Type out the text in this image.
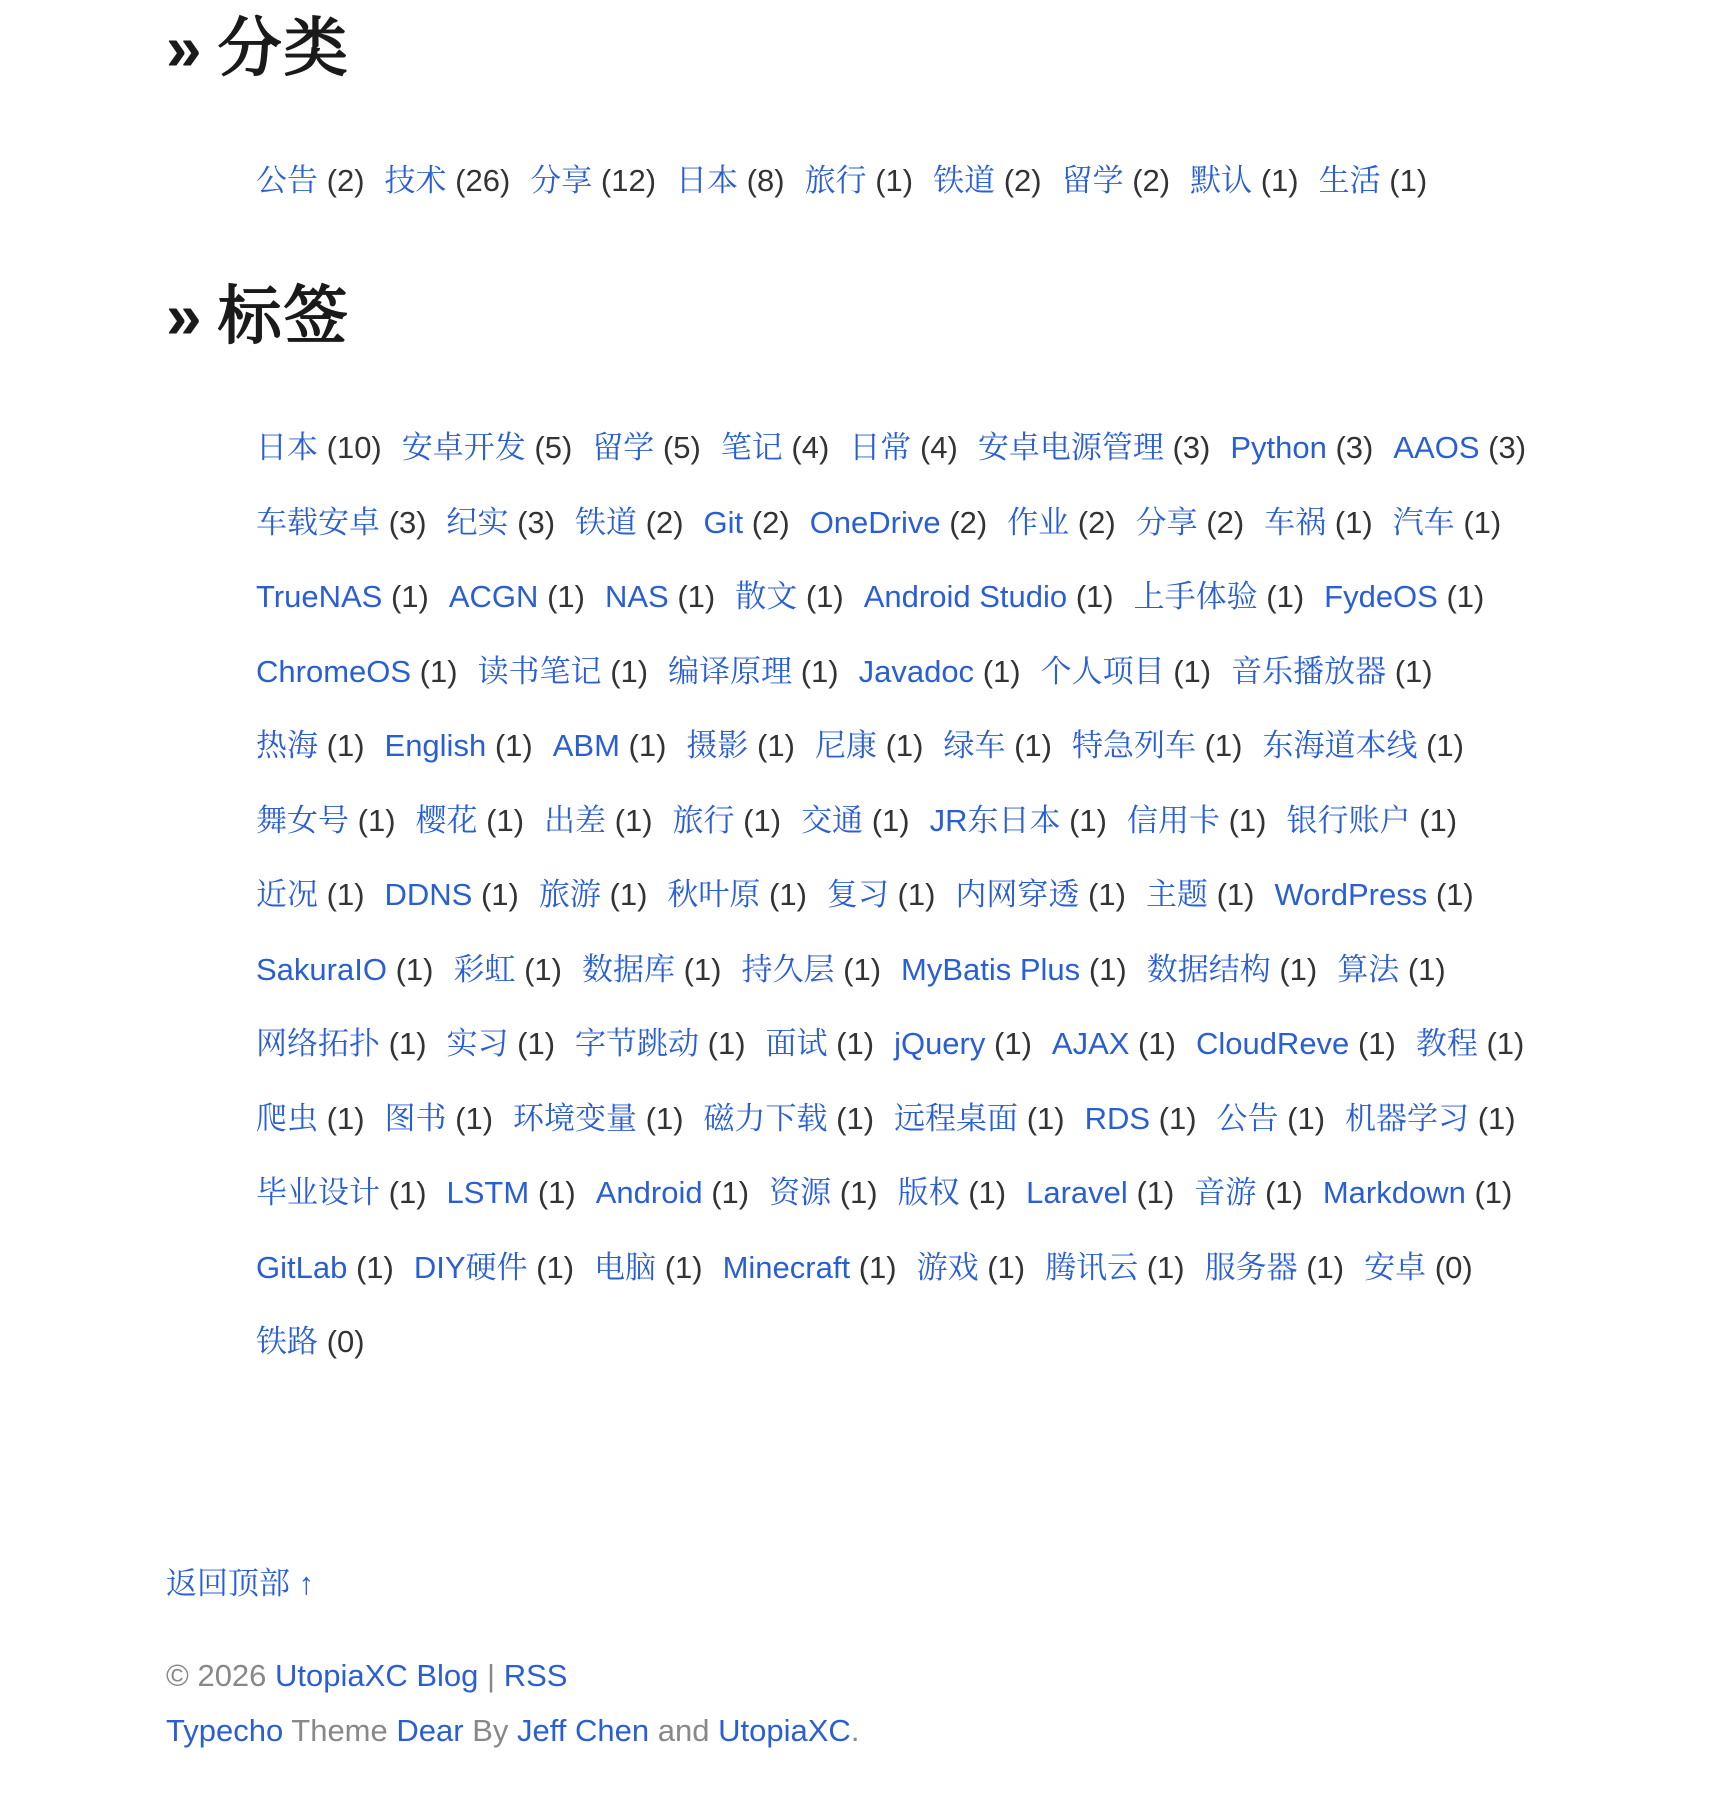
» 分类
公告 (2) 技术 (26) 分享 (12) 日本 (8) 旅行 (1) 铁道 (2) 留学 (2) 默认 (1) 生活 (1)
» 标签
日本 (10) 安卓开发 (5) 留学 (5) 笔记 (4) 日常 (4) 安卓电源管理 (3) Python (3) AAOS (3)车载安卓 (3) 纪实 (3) 铁道 (2) Git (2) OneDrive (2) 作业 (2) 分享 (2) 车祸 (1) 汽车 (1)TrueNAS (1) ACGN (1) NAS (1) 散文 (1) Android Studio (1) 上手体验 (1) FydeOS (1)ChromeOS (1) 读书笔记 (1) 编译原理 (1) Javadoc (1) 个人项目 (1) 音乐播放器 (1)热海 (1) English (1) ABM (1) 摄影 (1) 尼康 (1) 绿车 (1) 特急列车 (1) 东海道本线 (1)舞女号 (1) 樱花 (1) 出差 (1) 旅行 (1) 交通 (1) JR东日本 (1) 信用卡 (1) 银行账户 (1)近况 (1) DDNS (1) 旅游 (1) 秋叶原 (1) 复习 (1) 内网穿透 (1) 主题 (1) WordPress (1)SakuraIO (1) 彩虹 (1) 数据库 (1) 持久层 (1) MyBatis Plus (1) 数据结构 (1) 算法 (1)网络拓扑 (1) 实习 (1) 字节跳动 (1) 面试 (1) jQuery (1) AJAX (1) CloudReve (1) 教程 (1)爬虫 (1) 图书 (1) 环境变量 (1) 磁力下载 (1) 远程桌面 (1) RDS (1) 公告 (1) 机器学习 (1)毕业设计 (1) LSTM (1) Android (1) 资源 (1) 版权 (1) Laravel (1) 音游 (1) Markdown (1)GitLab (1) DIY硬件 (1) 电脑 (1) Minecraft (1) 游戏 (1) 腾讯云 (1) 服务器 (1) 安卓 (0)铁路 (0)
返回顶部 ↑
© 2026 UtopiaXC Blog | RSS
Typecho Theme Dear By Jeff Chen and UtopiaXC.
